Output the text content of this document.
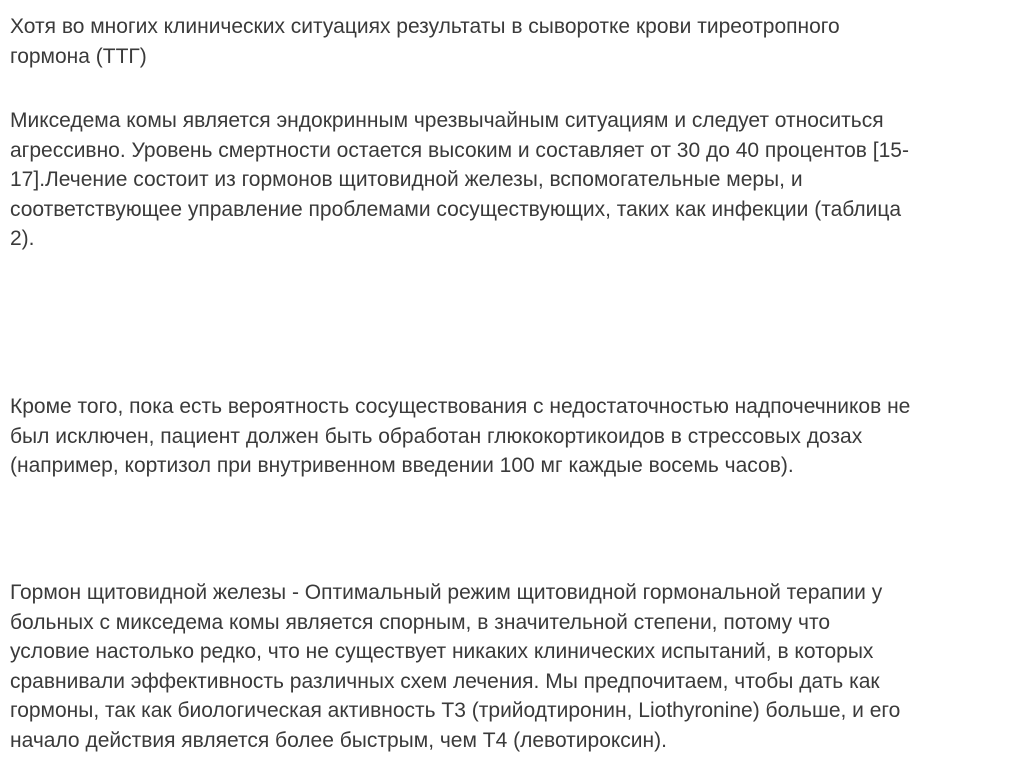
Хотя во многих клинических ситуациях результаты в сыворотке крови тиреотропного
гормона (ТТГ)

Микседема комы является эндокринным чрезвычайным ситуациям и следует относиться
агрессивно. Уровень смертности остается высоким и составляет от 30 до 40 процентов [15-
17].Лечение состоит из гормонов щитовидной железы, вспомогательные меры, и
соответствующее управление проблемами сосуществующих, таких как инфекции (таблица
2).

Кроме того, пока есть вероятность сосуществования с недостаточностью надпочечников не
был исключен, пациент должен быть обработан глюкокортикоидов в стрессовых дозах
(например, кортизол при внутривенном введении 100 мг каждые восемь часов).

Гормон щитовидной железы - Оптимальный режим щитовидной гормональной терапии у
больных с микседема комы является спорным, в значительной степени, потому что
условие настолько редко, что не существует никаких клинических испытаний, в которых
сравнивали эффективность различных схем лечения. Мы предпочитаем, чтобы дать как
гормоны, так как биологическая активность Т3 (трийодтиронин, Liothyronine) больше, и его
начало действия является более быстрым, чем Т4 (левотироксин).
